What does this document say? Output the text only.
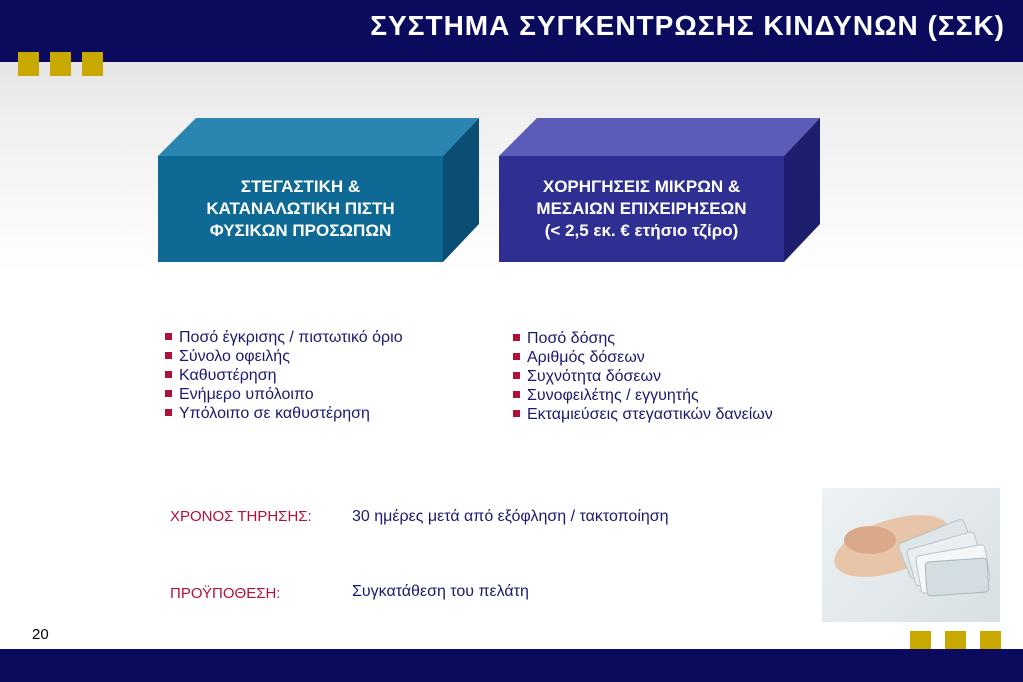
ΣΥΣΤΗΜΑ ΣΥΓΚΕΝΤΡΩΣΗΣ ΚΙΝΔΥΝΩΝ (ΣΣΚ)
ΣΤΕΓΑΣΤΙΚΗ &
ΚΑΤΑΝΑΛΩΤΙΚΗ ΠΙΣΤΗ
ΦΥΣΙΚΩΝ ΠΡΟΣΩΠΩΝ
ΧΟΡΗΓΗΣΕΙΣ ΜΙΚΡΩΝ &
ΜΕΣΑΙΩΝ ΕΠΙΧΕΙΡΗΣΕΩΝ
(< 2,5 εκ. € ετήσιο τζίρο)
Ποσό έγκρισης / πιστωτικό όριο
Σύνολο οφειλής
Καθυστέρηση
Ενήμερο υπόλοιπο
Υπόλοιπο σε καθυστέρηση
Ποσό δόσης
Αριθμός δόσεων
Συχνότητα δόσεων
Συνοφειλέτης / εγγυητής
Εκταμιεύσεις στεγαστικών δανείων
ΧΡΟΝΟΣ ΤΗΡΗΣΗΣ:	30 ημέρες μετά από εξόφληση / τακτοποίηση
ΠΡΟΫΠΟΘΕΣΗ:	Συγκατάθεση του πελάτη
20
